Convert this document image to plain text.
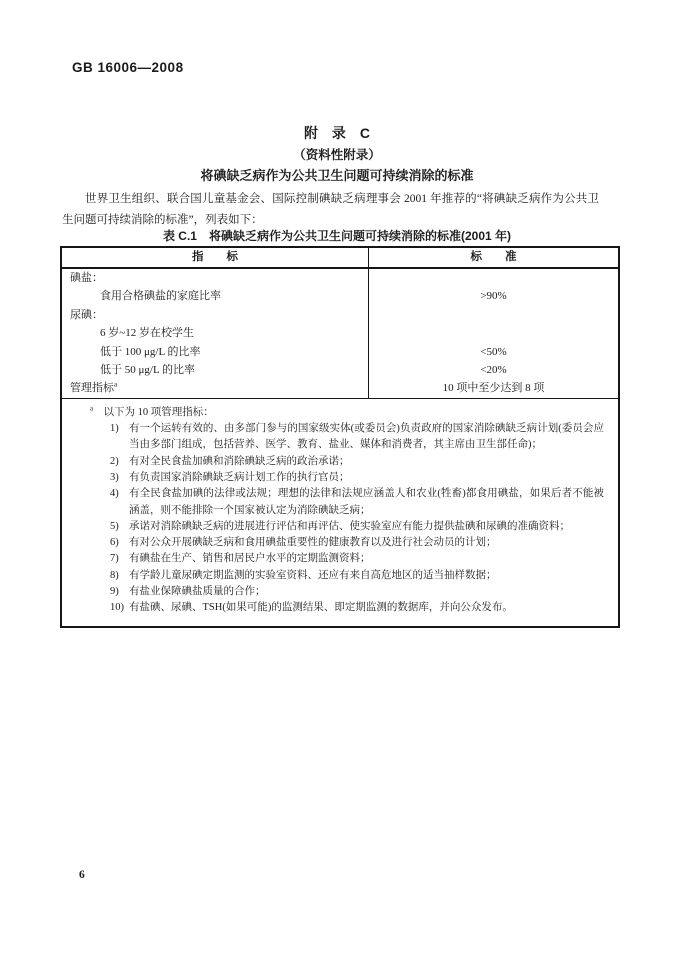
GB 16006—2008
附　录　C
（资料性附录）
将碘缺乏病作为公共卫生问题可持续消除的标准
世界卫生组织、联合国儿童基金会、国际控制碘缺乏病理事会 2001 年推荐的“将碘缺乏病作为公共卫生问题可持续消除的标准”，列表如下：
表 C.1　将碘缺乏病作为公共卫生问题可持续消除的标准(2001 年)
指　　标	标　　准
碘盐：
食用合格碘盐的家庭比率	>90%
尿碘：
6 岁~12 岁在校学生
低于 100 μg/L 的比率	<50%
低于 50 μg/L 的比率	<20%
管理指标$^a$	10 项中至少达到 8 项
$^a$　以下为 10 项管理指标：
1) 有一个运转有效的、由多部门参与的国家级实体(或委员会)负责政府的国家消除碘缺乏病计划(委员会应当由多部门组成，包括营养、医学、教育、盐业、媒体和消费者，其主席由卫生部任命)；
2) 有对全民食盐加碘和消除碘缺乏病的政治承诺；
3) 有负责国家消除碘缺乏病计划工作的执行官员；
4) 有全民食盐加碘的法律或法规；理想的法律和法规应涵盖人和农业(牲畜)都食用碘盐，如果后者不能被涵盖，则不能排除一个国家被认定为消除碘缺乏病；
5) 承诺对消除碘缺乏病的进展进行评估和再评估、使实验室应有能力提供盐碘和尿碘的准确资料；
6) 有对公众开展碘缺乏病和食用碘盐重要性的健康教育以及进行社会动员的计划；
7) 有碘盐在生产、销售和居民户水平的定期监测资料；
8) 有学龄儿童尿碘定期监测的实验室资料、还应有来自高危地区的适当抽样数据；
9) 有盐业保障碘盐质量的合作；
10) 有盐碘、尿碘、TSH(如果可能)的监测结果、即定期监测的数据库，并向公众发布。
6
